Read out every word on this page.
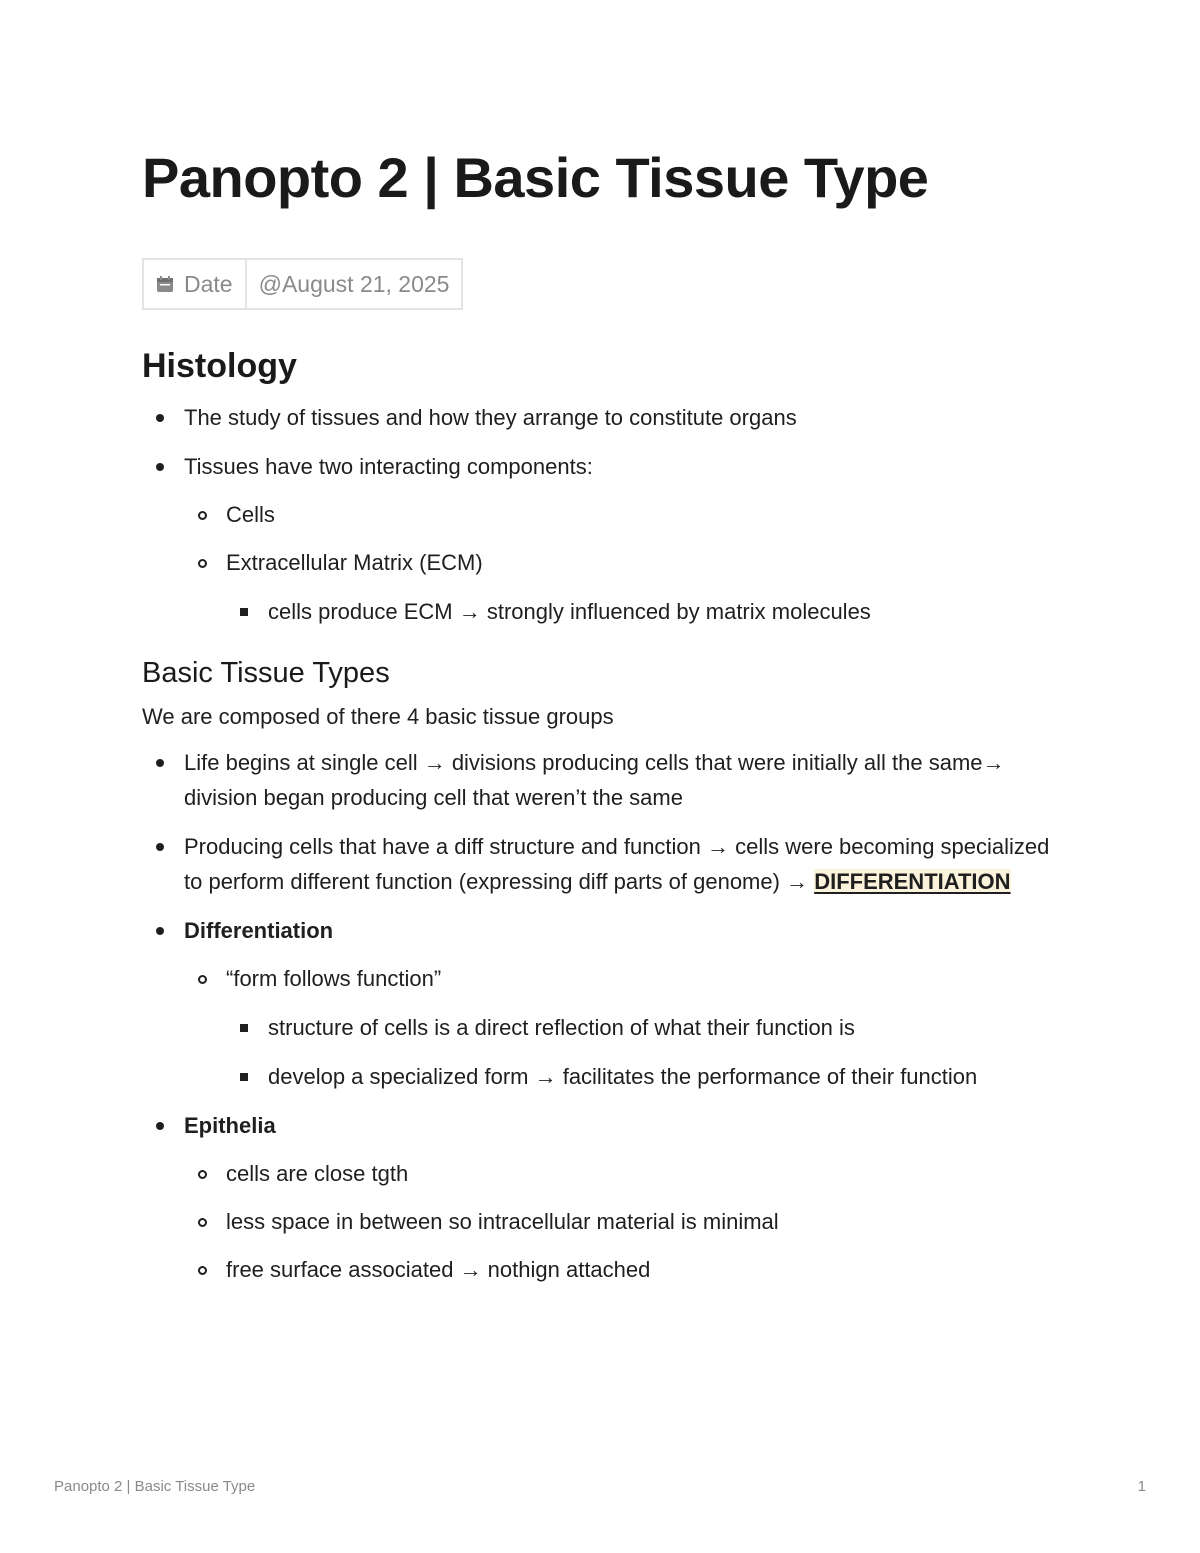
Panopto 2 | Basic Tissue Type
Date	@August 21, 2025
Histology
The study of tissues and how they arrange to constitute organs
Tissues have two interacting components:
Cells
Extracellular Matrix (ECM)
cells produce ECM → strongly influenced by matrix molecules
Basic Tissue Types

We are composed of there 4 basic tissue groups

Life begins at single cell → divisions producing cells that were initially all the same→ division began producing cell that weren’t the same
Producing cells that have a diff structure and function → cells were becoming specialized to perform different function (expressing diff parts of genome) → DIFFERENTIATION
Differentiation
“form follows function”
structure of cells is a direct reflection of what their function is
develop a specialized form → facilitates the performance of their function
Epithelia
cells are close tgth
less space in between so intracellular material is minimal
free surface associated → nothign attached
Panopto 2 | Basic Tissue Type	1
